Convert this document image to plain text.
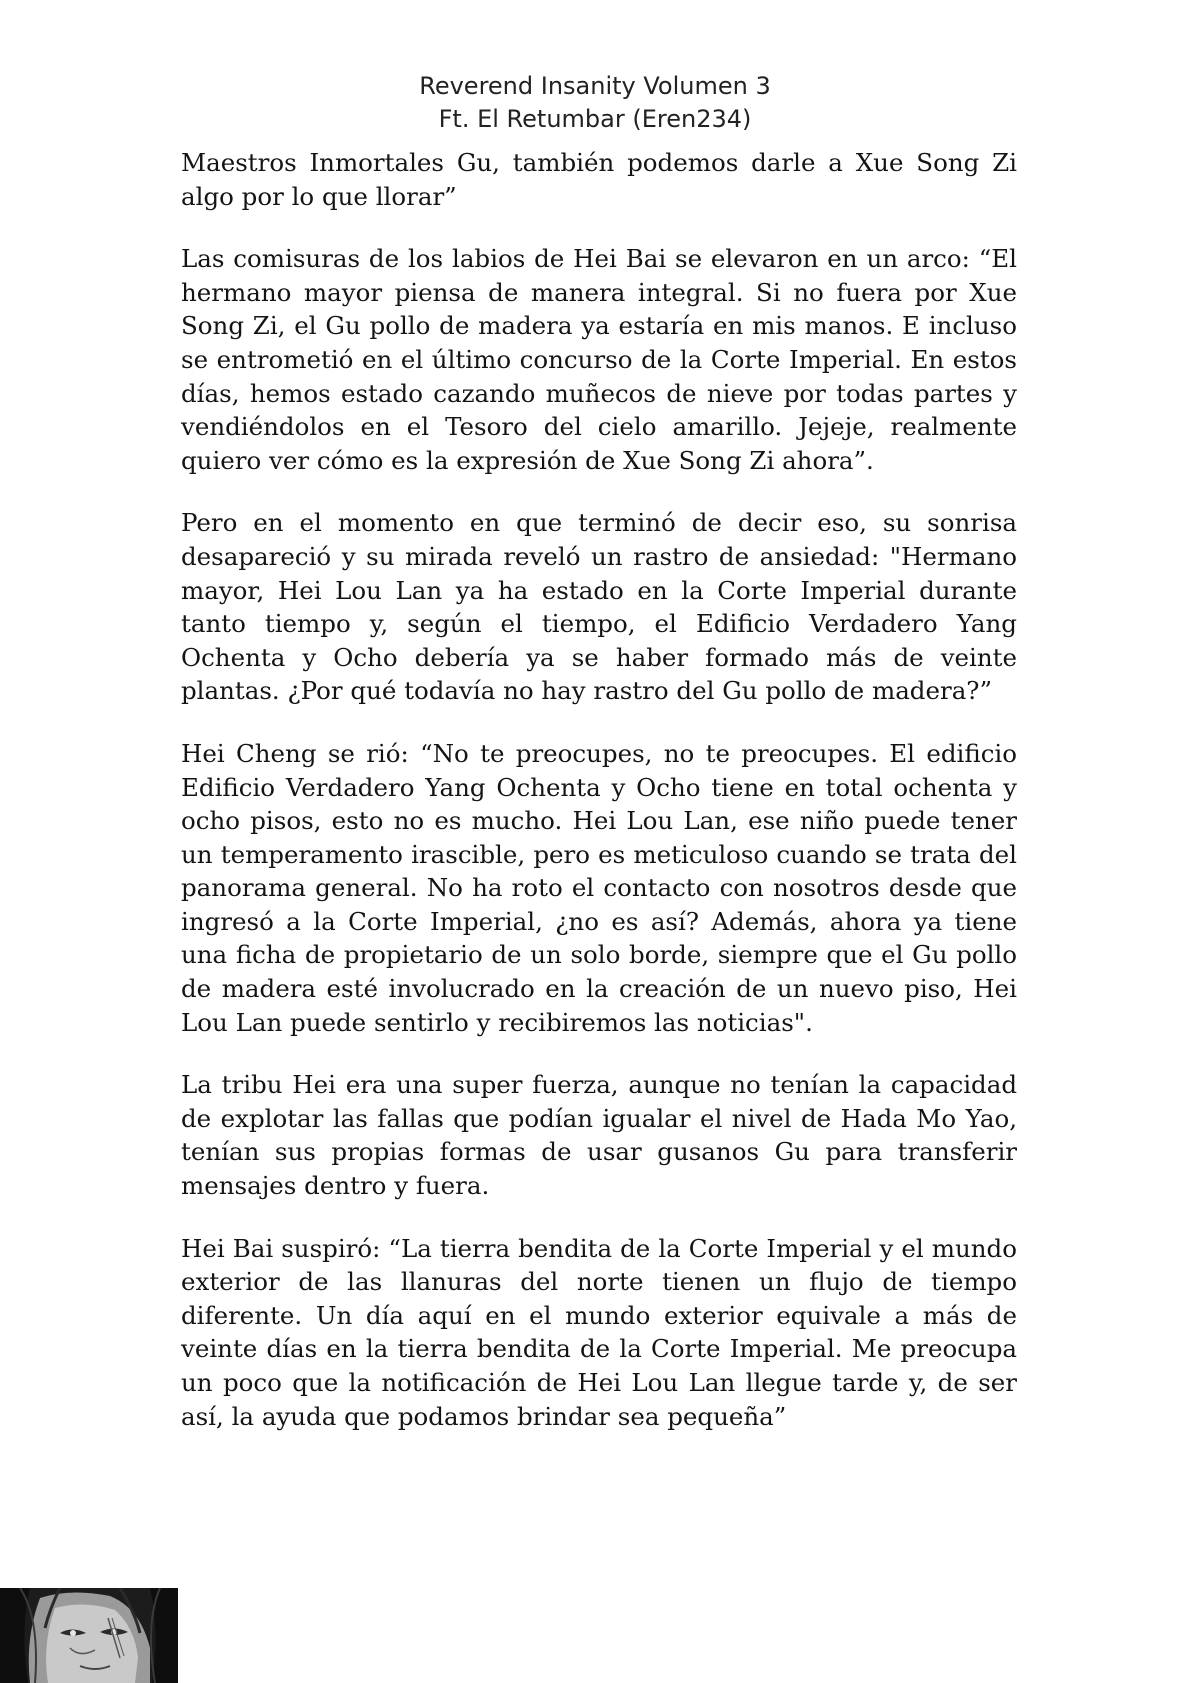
Reverend Insanity Volumen 3
Ft. El Retumbar (Eren234)

Maestros Inmortales Gu, también podemos darle a Xue Song Zi algo por lo que llorar”

Las comisuras de los labios de Hei Bai se elevaron en un arco: “El hermano mayor piensa de manera integral. Si no fuera por Xue Song Zi, el Gu pollo de madera ya estaría en mis manos. E incluso se entrometió en el último concurso de la Corte Imperial. En estos días, hemos estado cazando muñecos de nieve por todas partes y vendiéndolos en el Tesoro del cielo amarillo. Jejeje, realmente quiero ver cómo es la expresión de Xue Song Zi ahora”.

Pero en el momento en que terminó de decir eso, su sonrisa desapareció y su mirada reveló un rastro de ansiedad: "Hermano mayor, Hei Lou Lan ya ha estado en la Corte Imperial durante tanto tiempo y, según el tiempo, el Edificio Verdadero Yang Ochenta y Ocho debería ya se haber formado más de veinte plantas. ¿Por qué todavía no hay rastro del Gu pollo de madera?”

Hei Cheng se rió: “No te preocupes, no te preocupes. El edificio Edificio Verdadero Yang Ochenta y Ocho tiene en total ochenta y ocho pisos, esto no es mucho. Hei Lou Lan, ese niño puede tener un temperamento irascible, pero es meticuloso cuando se trata del panorama general. No ha roto el contacto con nosotros desde que ingresó a la Corte Imperial, ¿no es así? Además, ahora ya tiene una ficha de propietario de un solo borde, siempre que el Gu pollo de madera esté involucrado en la creación de un nuevo piso, Hei Lou Lan puede sentirlo y recibiremos las noticias".

La tribu Hei era una super fuerza, aunque no tenían la capacidad de explotar las fallas que podían igualar el nivel de Hada Mo Yao, tenían sus propias formas de usar gusanos Gu para transferir mensajes dentro y fuera.

Hei Bai suspiró: “La tierra bendita de la Corte Imperial y el mundo exterior de las llanuras del norte tienen un flujo de tiempo diferente. Un día aquí en el mundo exterior equivale a más de veinte días en la tierra bendita de la Corte Imperial. Me preocupa un poco que la notificación de Hei Lou Lan llegue tarde y, de ser así, la ayuda que podamos brindar sea pequeña”
